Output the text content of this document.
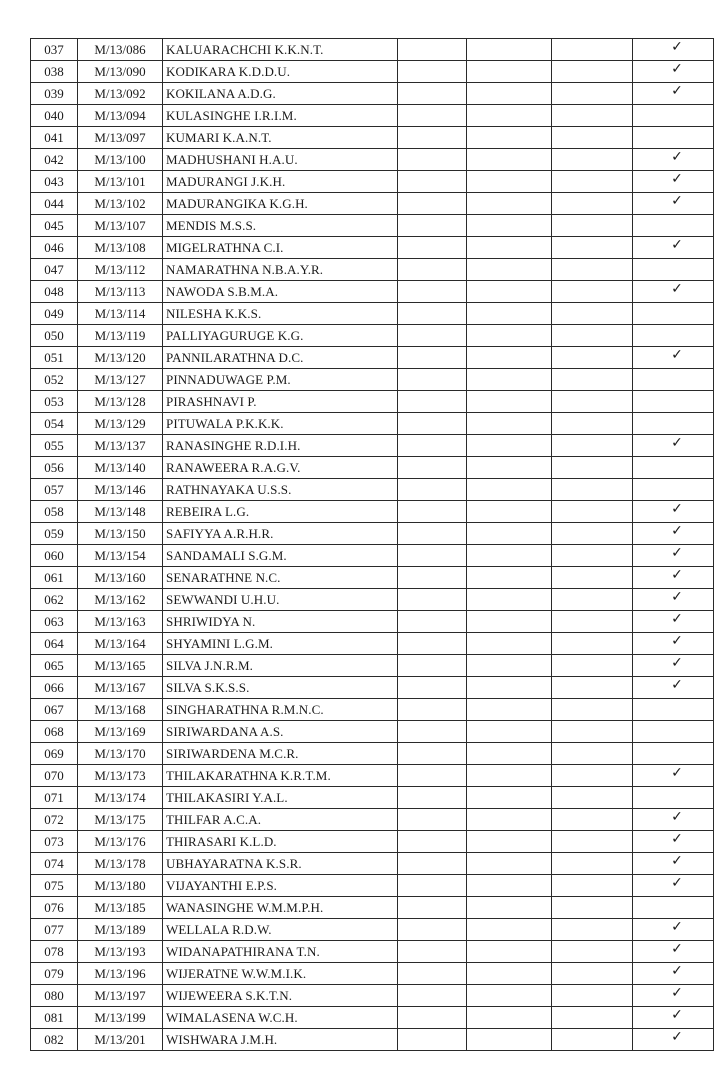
037	M/13/086	KALUARACHCHI K.K.N.T.				✓
038	M/13/090	KODIKARA K.D.D.U.				✓
039	M/13/092	KOKILANA A.D.G.				✓
040	M/13/094	KULASINGHE I.R.I.M.				
041	M/13/097	KUMARI K.A.N.T.				
042	M/13/100	MADHUSHANI H.A.U.				✓
043	M/13/101	MADURANGI J.K.H.				✓
044	M/13/102	MADURANGIKA K.G.H.				✓
045	M/13/107	MENDIS M.S.S.				
046	M/13/108	MIGELRATHNA C.I.				✓
047	M/13/112	NAMARATHNA N.B.A.Y.R.				
048	M/13/113	NAWODA S.B.M.A.				✓
049	M/13/114	NILESHA K.K.S.				
050	M/13/119	PALLIYAGURUGE K.G.				
051	M/13/120	PANNILARATHNA D.C.				✓
052	M/13/127	PINNADUWAGE P.M.				
053	M/13/128	PIRASHNAVI P.				
054	M/13/129	PITUWALA P.K.K.K.				
055	M/13/137	RANASINGHE R.D.I.H.				✓
056	M/13/140	RANAWEERA R.A.G.V.				
057	M/13/146	RATHNAYAKA U.S.S.				
058	M/13/148	REBEIRA L.G.				✓
059	M/13/150	SAFIYYA A.R.H.R.				✓
060	M/13/154	SANDAMALI S.G.M.				✓
061	M/13/160	SENARATHNE N.C.				✓
062	M/13/162	SEWWANDI U.H.U.				✓
063	M/13/163	SHRIWIDYA N.				✓
064	M/13/164	SHYAMINI L.G.M.				✓
065	M/13/165	SILVA J.N.R.M.				✓
066	M/13/167	SILVA S.K.S.S.				✓
067	M/13/168	SINGHARATHNA R.M.N.C.				
068	M/13/169	SIRIWARDANA A.S.				
069	M/13/170	SIRIWARDENA M.C.R.				
070	M/13/173	THILAKARATHNA K.R.T.M.				✓
071	M/13/174	THILAKASIRI Y.A.L.				
072	M/13/175	THILFAR A.C.A.				✓
073	M/13/176	THIRASARI K.L.D.				✓
074	M/13/178	UBHAYARATNA K.S.R.				✓
075	M/13/180	VIJAYANTHI E.P.S.				✓
076	M/13/185	WANASINGHE W.M.M.P.H.				
077	M/13/189	WELLALA R.D.W.				✓
078	M/13/193	WIDANAPATHIRANA T.N.				✓
079	M/13/196	WIJERATNE W.W.M.I.K.				✓
080	M/13/197	WIJEWEERA S.K.T.N.				✓
081	M/13/199	WIMALASENA W.C.H.				✓
082	M/13/201	WISHWARA J.M.H.				✓
